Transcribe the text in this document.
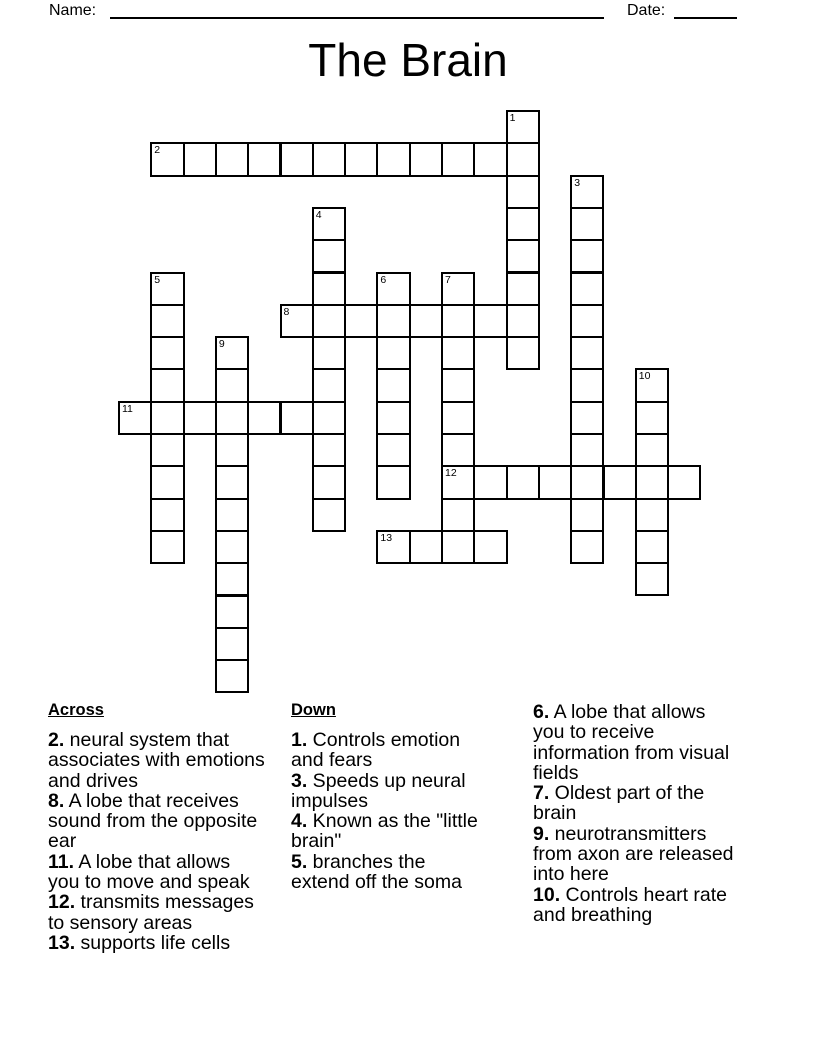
Name:	Date:
The Brain
1
2
3
4
5	6	7
8
9
10
11
12
13
Across

2. neural system that associates with emotions and drives

8. A lobe that receives sound from the opposite ear

11. A lobe that allows you to move and speak

12. transmits messages to sensory areas

13. supports life cells

Down

1. Controls emotion and fears

3. Speeds up neural impulses

4. Known as the "little brain"

5. branches the extend off the soma

6. A lobe that allows you to receive information from visual fields

7. Oldest part of the brain

9. neurotransmitters from axon are released into here

10. Controls heart rate and breathing
